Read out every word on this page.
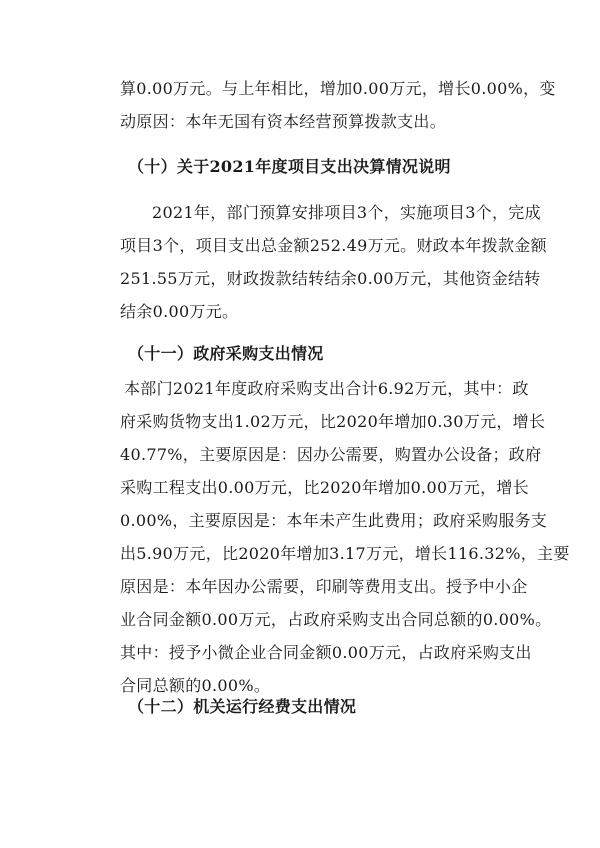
算0.00万元。与上年相比，增加0.00万元，增长0.00%，变
动原因：本年无国有资本经营预算拨款支出。

（十）关于2021年度项目支出决算情况说明

2021年，部门预算安排项目3个，实施项目3个，完成
项目3个，项目支出总金额252.49万元。财政本年拨款金额
251.55万元，财政拨款结转结余0.00万元，其他资金结转
结余0.00万元。

（十一）政府采购支出情况

本部门2021年度政府采购支出合计6.92万元，其中：政
府采购货物支出1.02万元，比2020年增加0.30万元，增长
40.77%，主要原因是：因办公需要，购置办公设备；政府
采购工程支出0.00万元，比2020年增加0.00万元，增长
0.00%，主要原因是：本年未产生此费用；政府采购服务支
出5.90万元，比2020年增加3.17万元，增长116.32%，主要
原因是：本年因办公需要，印刷等费用支出。授予中小企
业合同金额0.00万元，占政府采购支出合同总额的0.00%。
其中：授予小微企业合同金额0.00万元，占政府采购支出
合同总额的0.00%。

（十二）机关运行经费支出情况
